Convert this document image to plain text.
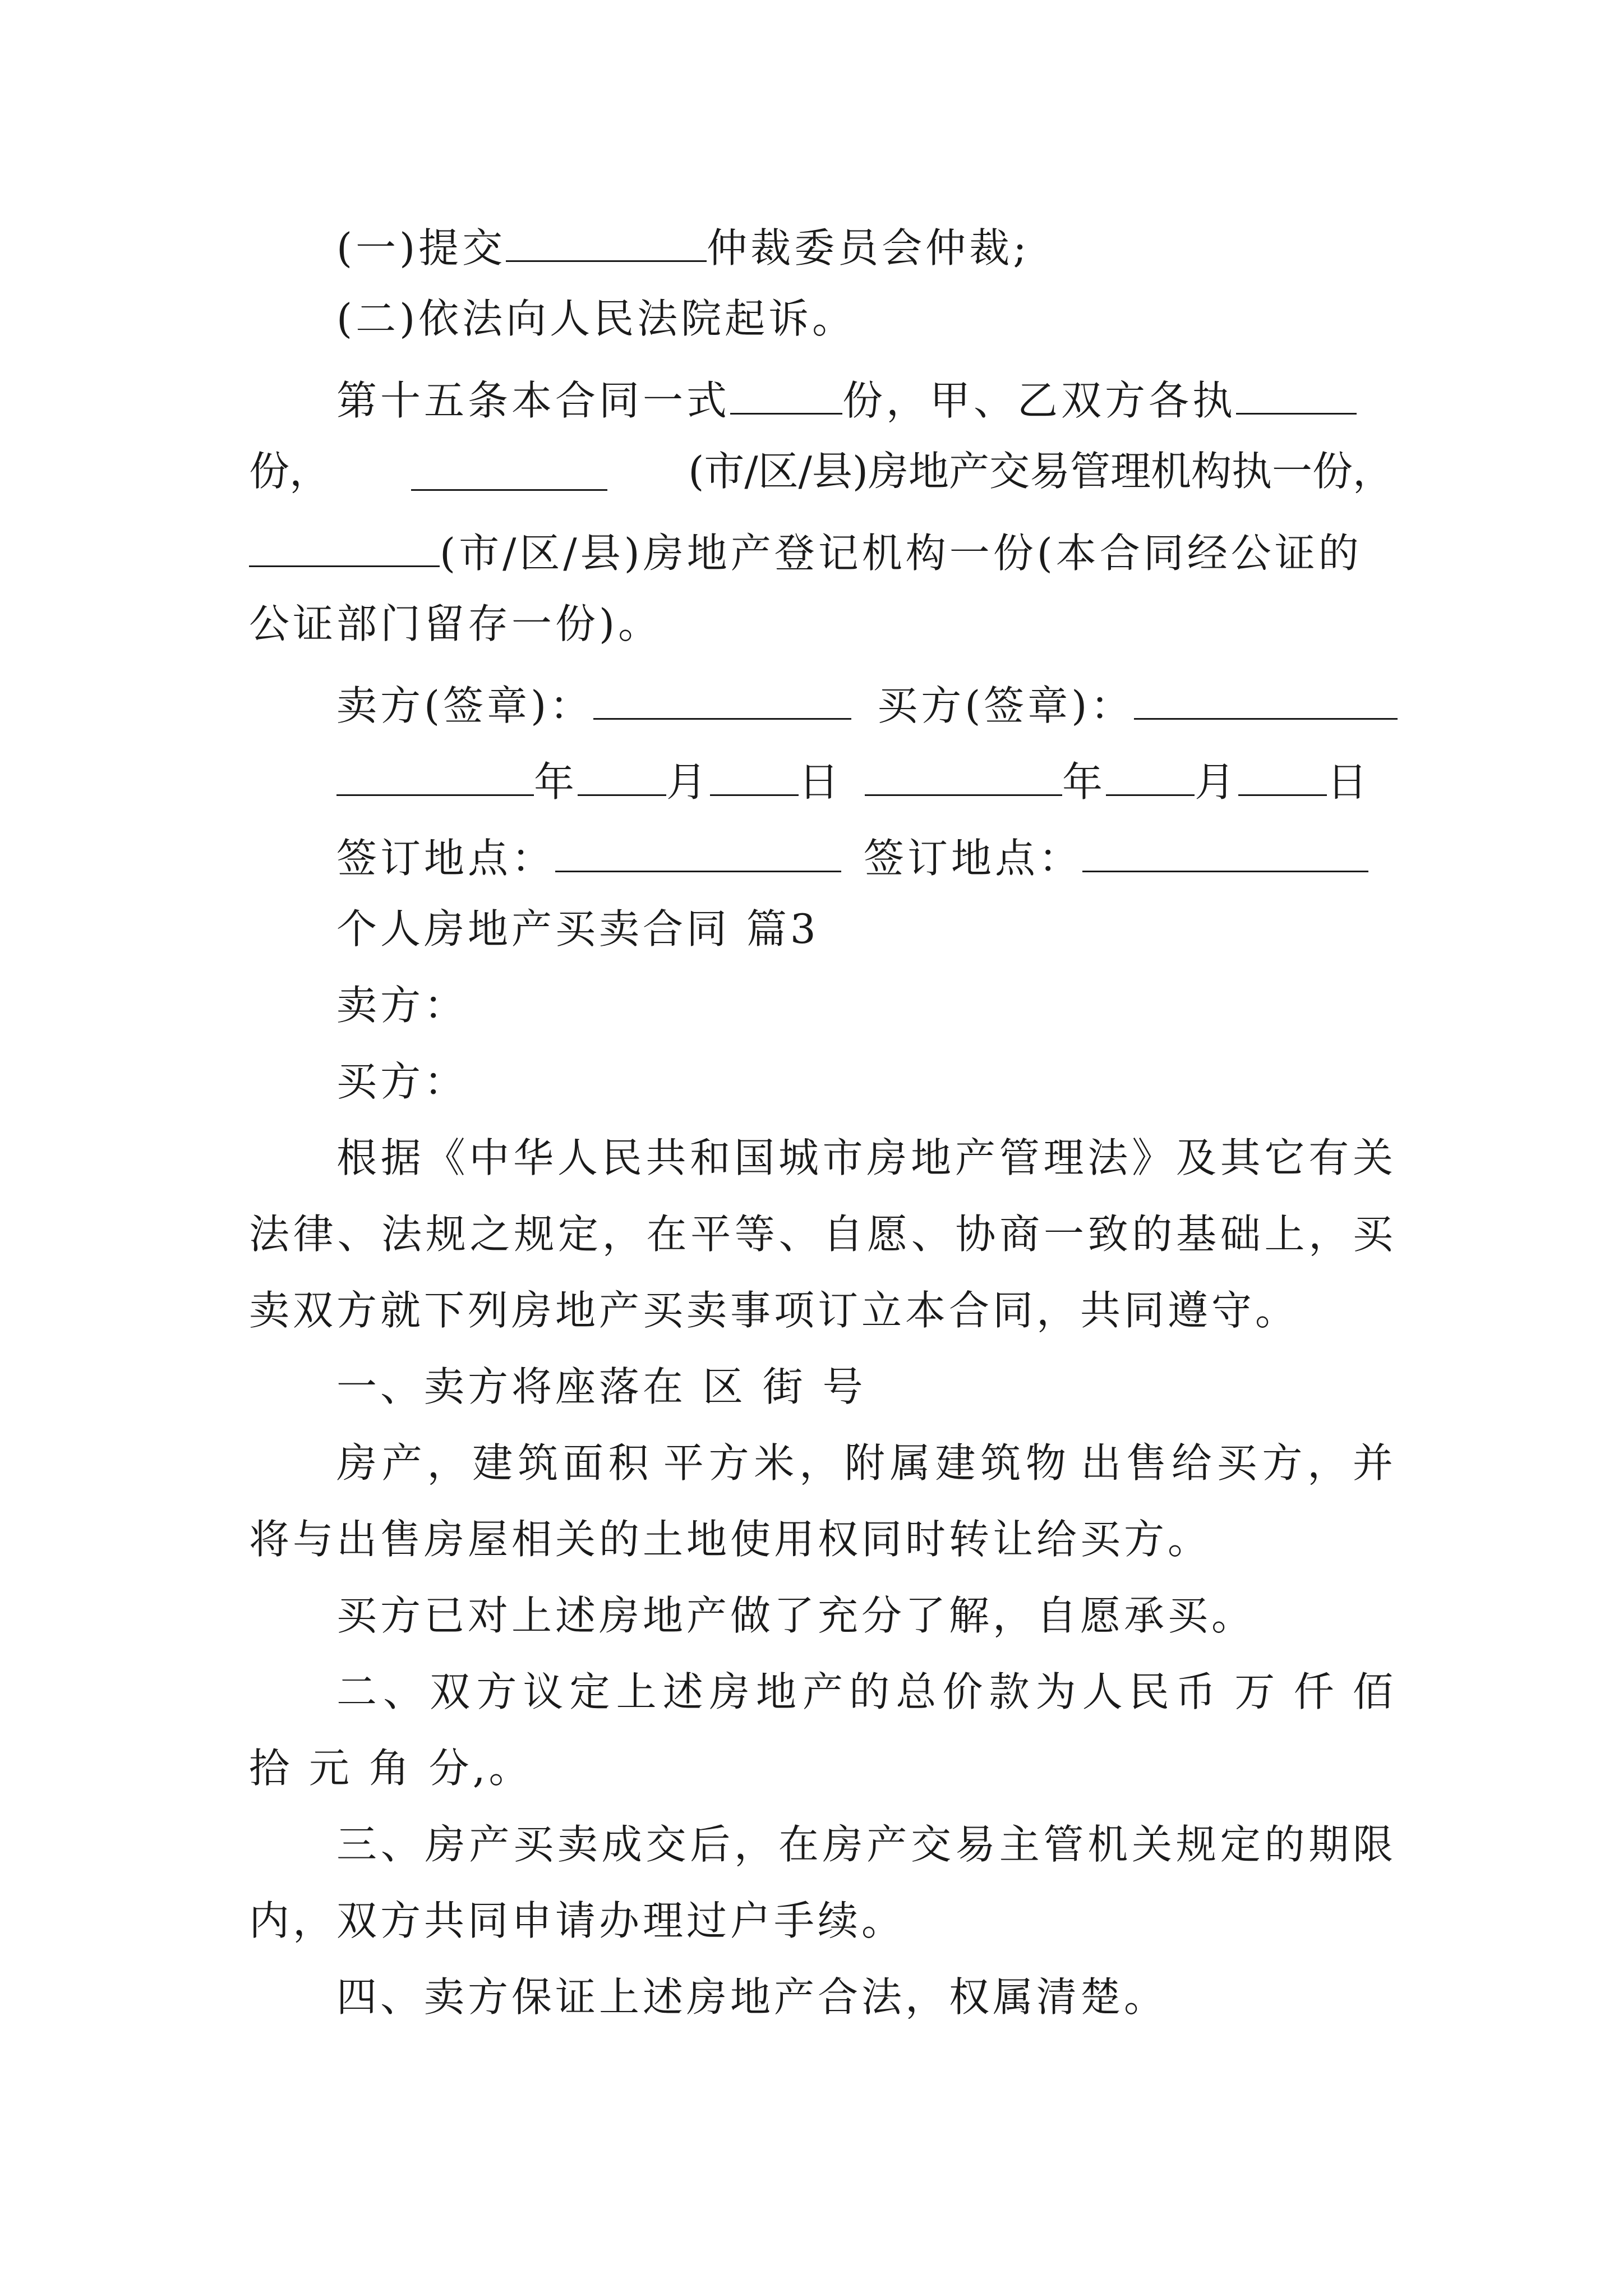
(一)提交	仲裁委员会仲裁;
(二)依法向人民法院起诉。
第十五条本合同一式	份，甲、乙双方各执
份，	(市/区/县)房地产交易管理机构执一份，
(市/区/县)房地产登记机构一份(本合同经公证的
公证部门留存一份)。
卖方(签章)：	买方(签章)：
年 月 日	年 月 日
签订地点：	签订地点：
个人房地产买卖合同 篇3
卖方：
买方：
根 据 《 中 华 人 民 共 和 国 城 市 房 地 产 管 理 法 》 及 其 它 有 关
法 律 、 法 规 之 规 定 ， 在 平 等 、 自 愿 、 协 商 一 致 的 基 础 上 ， 买
卖双方就下列房地产买卖事项订立本合同，共同遵守。
一、卖方将座落在 区 街 号
房 产 ， 建 筑 面 积 平 方 米 ， 附 属 建 筑 物 出 售 给 买 方 ， 并
将与出售房屋相关的土地使用权同时转让给买方。
买方已对上述房地产做了充分了解，自愿承买。
二 、 双 方 议 定 上 述 房 地 产 的 总 价 款 为 人 民 币 万 仟 佰
拾 元 角 分,。
三 、 房 产 买 卖 成 交 后 ， 在 房 产 交 易 主 管 机 关 规 定 的 期 限
内，双方共同申请办理过户手续。
四、卖方保证上述房地产合法，权属清楚。
